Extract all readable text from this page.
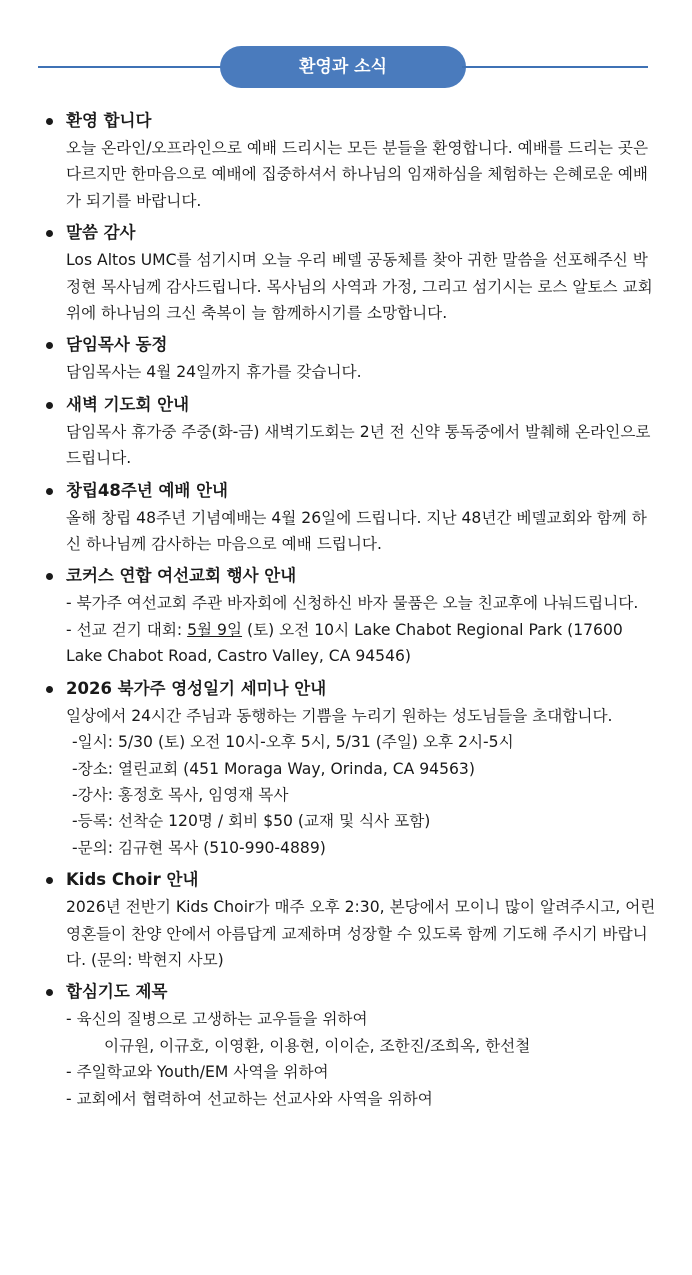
환영과 소식
환영 합니다

오늘 온라인/오프라인으로 예배 드리시는 모든 분들을 환영합니다. 예배를 드리는 곳은 다르지만 한마음으로 예배에 집중하셔서 하나님의 임재하심을 체험하는 은혜로운 예배가 되기를 바랍니다.

말씀 감사

Los Altos UMC를 섬기시며 오늘 우리 베델 공동체를 찾아 귀한 말씀을 선포해주신 박정현 목사님께 감사드립니다. 목사님의 사역과 가정, 그리고 섬기시는 로스 알토스 교회 위에 하나님의 크신 축복이 늘 함께하시기를 소망합니다.

담임목사 동정

담임목사는 4월 24일까지 휴가를 갖습니다.

새벽 기도회 안내

담임목사 휴가중 주중(화-금) 새벽기도회는 2년 전 신약 통독중에서 발췌해 온라인으로 드립니다.

창립48주년 예배 안내

올해 창립 48주년 기념예배는 4월 26일에 드립니다. 지난 48년간 베델교회와 함께 하신 하나님께 감사하는 마음으로 예배 드립니다.

코커스 연합 여선교회 행사 안내

- 북가주 여선교회 주관 바자회에 신청하신 바자 물품은 오늘 친교후에 나눠드립니다.

- 선교 걷기 대회: 5월 9일 (토) 오전 10시 Lake Chabot Regional Park (17600 Lake Chabot Road, Castro Valley, CA 94546)

2026 북가주 영성일기 세미나 안내

일상에서 24시간 주님과 동행하는 기쁨을 누리기 원하는 성도님들을 초대합니다.

-일시: 5/30 (토) 오전 10시-오후 5시, 5/31 (주일) 오후 2시-5시

-장소: 열린교회 (451 Moraga Way, Orinda, CA 94563)

-강사: 홍정호 목사, 임영재 목사

-등록: 선착순 120명 / 회비 $50 (교재 및 식사 포함)

-문의: 김규현 목사 (510-990-4889)

Kids Choir 안내

2026년 전반기 Kids Choir가 매주 오후 2:30, 본당에서 모이니 많이 알려주시고, 어린 영혼들이 찬양 안에서 아름답게 교제하며 성장할 수 있도록 함께 기도해 주시기 바랍니다. (문의: 박현지 사모)

합심기도 제목

- 육신의 질병으로 고생하는 교우들을 위하여

이규원, 이규호, 이영환, 이용현, 이이순, 조한진/조희옥, 한선철

- 주일학교와 Youth/EM 사역을 위하여

- 교회에서 협력하여 선교하는 선교사와 사역을 위하여
